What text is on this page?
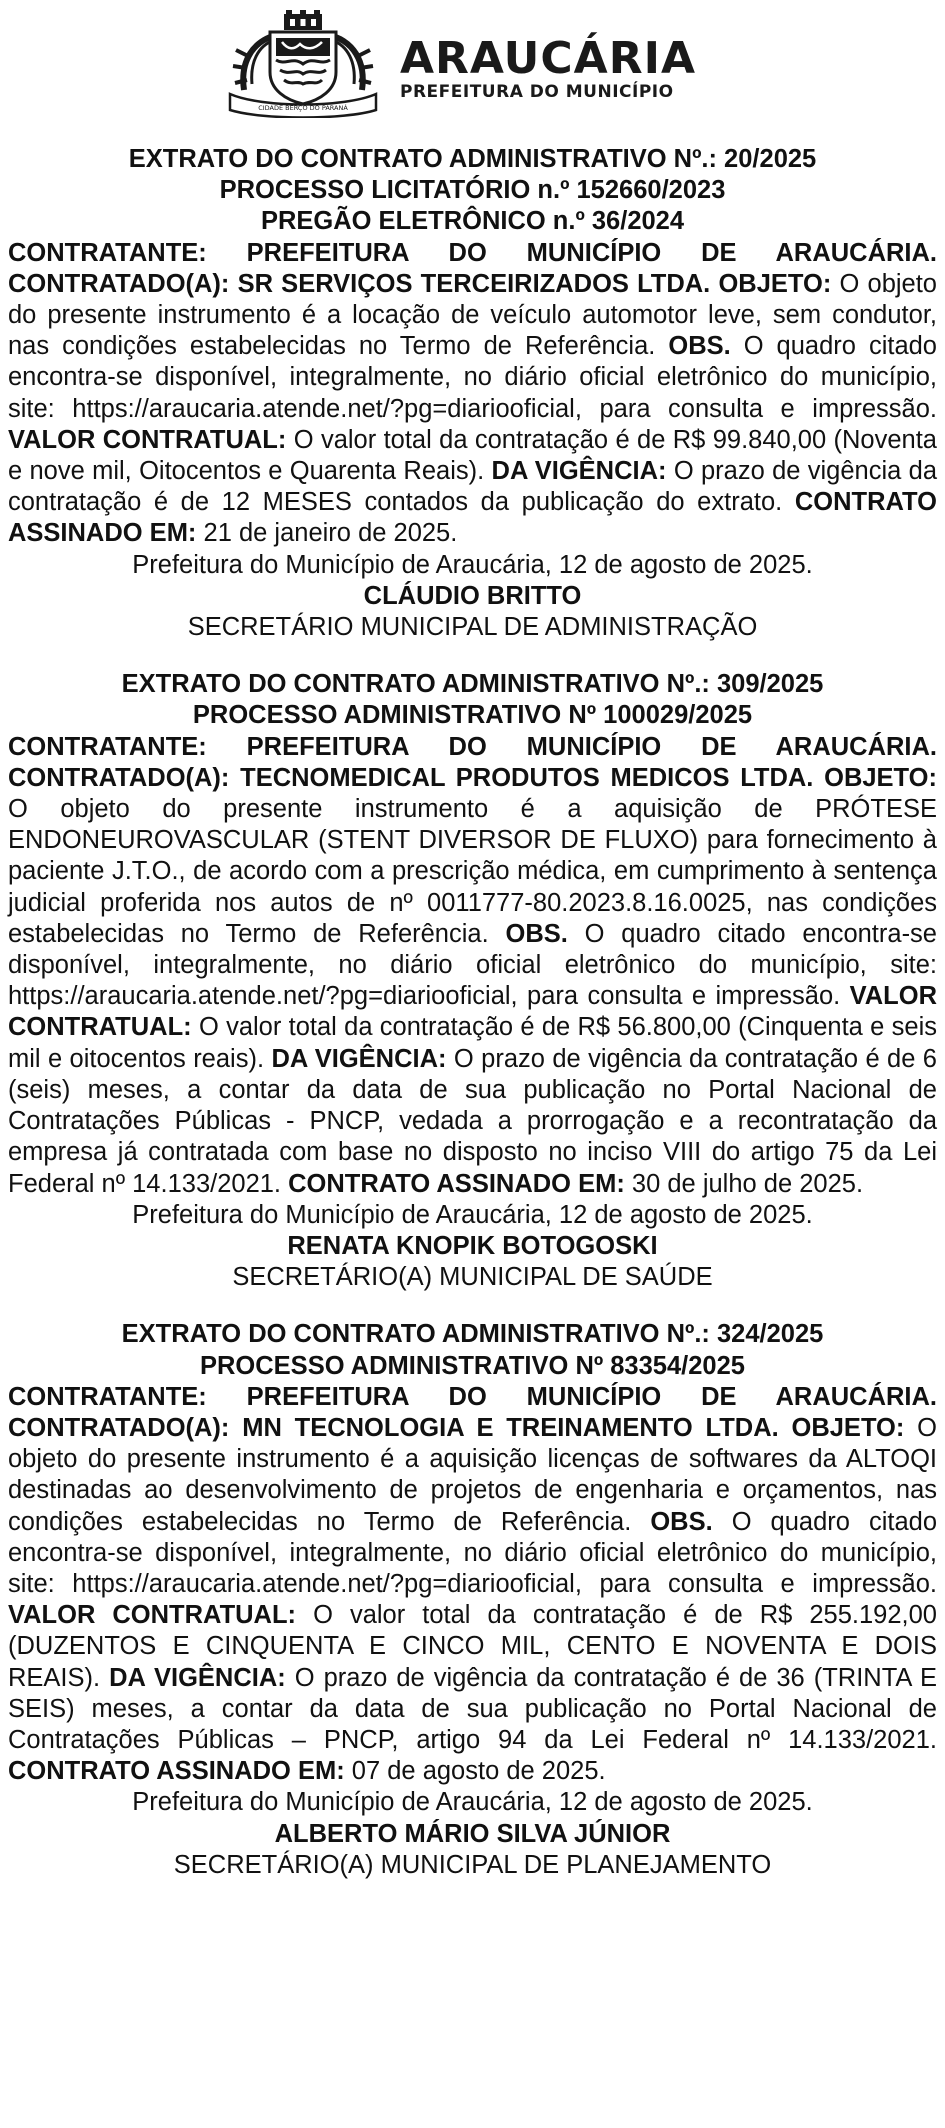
CIDADE BERÇO DO PARANÁ
ARAUCÁRIA
PREFEITURA DO MUNICÍPIO

EXTRATO DO CONTRATO ADMINISTRATIVO Nº.: 20/2025

PROCESSO LICITATÓRIO n.º 152660/2023

PREGÃO ELETRÔNICO n.º 36/2024

CONTRATANTE: PREFEITURA DO MUNICÍPIO DE ARAUCÁRIA. CONTRATADO(A): SR SERVIÇOS TERCEIRIZADOS LTDA. OBJETO: O objeto do presente instrumento é a locação de veículo automotor leve, sem condutor, nas condições estabelecidas no Termo de Referência. OBS. O quadro citado encontra-se disponível, integralmente, no diário oficial eletrônico do município, site: https://araucaria.atende.net/?pg=diariooficial, para consulta e impressão. VALOR CONTRATUAL: O valor total da contratação é de R$ 99.840,00 (Noventa e nove mil, Oitocentos e Quarenta Reais). DA VIGÊNCIA: O prazo de vigência da contratação é de 12 MESES contados da publicação do extrato. CONTRATO ASSINADO EM: 21 de janeiro de 2025.

Prefeitura do Município de Araucária, 12 de agosto de 2025.

CLÁUDIO BRITTO

SECRETÁRIO MUNICIPAL DE ADMINISTRAÇÃO

EXTRATO DO CONTRATO ADMINISTRATIVO Nº.: 309/2025

PROCESSO ADMINISTRATIVO Nº 100029/2025

CONTRATANTE: PREFEITURA DO MUNICÍPIO DE ARAUCÁRIA. CONTRATADO(A): TECNOMEDICAL PRODUTOS MEDICOS LTDA. OBJETO: O objeto do presente instrumento é a aquisição de PRÓTESE ENDONEUROVASCULAR (STENT DIVERSOR DE FLUXO) para fornecimento à paciente J.T.O., de acordo com a prescrição médica, em cumprimento à sentença judicial proferida nos autos de nº 0011777-80.2023.8.16.0025, nas condições estabelecidas no Termo de Referência. OBS. O quadro citado encontra-se disponível, integralmente, no diário oficial eletrônico do município, site: https://araucaria.atende.net/?pg=diariooficial, para consulta e impressão. VALOR CONTRATUAL: O valor total da contratação é de R$ 56.800,00 (Cinquenta e seis mil e oitocentos reais). DA VIGÊNCIA: O prazo de vigência da contratação é de 6 (seis) meses, a contar da data de sua publicação no Portal Nacional de Contratações Públicas - PNCP, vedada a prorrogação e a recontratação da empresa já contratada com base no disposto no inciso VIII do artigo 75 da Lei Federal nº 14.133/2021. CONTRATO ASSINADO EM: 30 de julho de 2025.

Prefeitura do Município de Araucária, 12 de agosto de 2025.

RENATA KNOPIK BOTOGOSKI

SECRETÁRIO(A) MUNICIPAL DE SAÚDE

EXTRATO DO CONTRATO ADMINISTRATIVO Nº.: 324/2025

PROCESSO ADMINISTRATIVO Nº 83354/2025

CONTRATANTE: PREFEITURA DO MUNICÍPIO DE ARAUCÁRIA. CONTRATADO(A): MN TECNOLOGIA E TREINAMENTO LTDA. OBJETO: O objeto do presente instrumento é a aquisição licenças de softwares da ALTOQI destinadas ao desenvolvimento de projetos de engenharia e orçamentos, nas condições estabelecidas no Termo de Referência. OBS. O quadro citado encontra-se disponível, integralmente, no diário oficial eletrônico do município, site: https://araucaria.atende.net/?pg=diariooficial, para consulta e impressão. VALOR CONTRATUAL: O valor total da contratação é de R$ 255.192,00 (DUZENTOS E CINQUENTA E CINCO MIL, CENTO E NOVENTA E DOIS REAIS). DA VIGÊNCIA: O prazo de vigência da contratação é de 36 (TRINTA E SEIS) meses, a contar da data de sua publicação no Portal Nacional de Contratações Públicas – PNCP, artigo 94 da Lei Federal nº 14.133/2021. CONTRATO ASSINADO EM: 07 de agosto de 2025.

Prefeitura do Município de Araucária, 12 de agosto de 2025.

ALBERTO MÁRIO SILVA JÚNIOR

SECRETÁRIO(A) MUNICIPAL DE PLANEJAMENTO
